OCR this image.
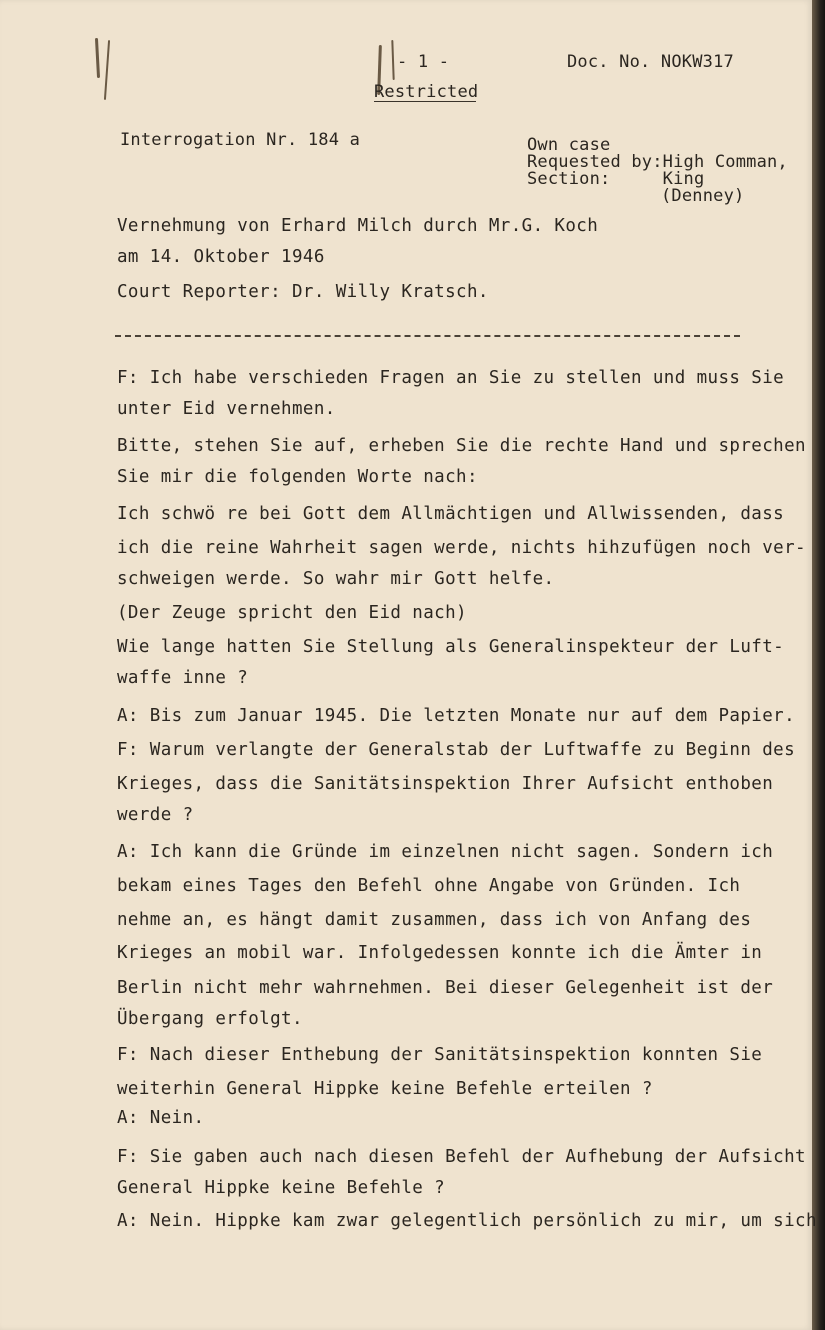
- 1 -	Doc. No. NOKW317
Restricted
Interrogation Nr. 184 a	Own case
Requested by:High Comman,
Section:     King
(Denney)
Vernehmung von Erhard Milch durch Mr.G. Koch
am 14. Oktober 1946
Court Reporter: Dr. Willy Kratsch.
F: Ich habe verschieden Fragen an Sie zu stellen und muss Sie
unter Eid vernehmen.
Bitte, stehen Sie auf, erheben Sie die rechte Hand und sprechen
Sie mir die folgenden Worte nach:
Ich schwö re bei Gott dem Allmächtigen und Allwissenden, dass
ich die reine Wahrheit sagen werde, nichts hihzufügen noch ver-
schweigen werde. So wahr mir Gott helfe.
(Der Zeuge spricht den Eid nach)
Wie lange hatten Sie Stellung als Generalinspekteur der Luft-
waffe inne ?
A: Bis zum Januar 1945. Die letzten Monate nur auf dem Papier.
F: Warum verlangte der Generalstab der Luftwaffe zu Beginn des
Krieges, dass die Sanitätsinspektion Ihrer Aufsicht enthoben
werde ?
A: Ich kann die Gründe im einzelnen nicht sagen. Sondern ich
bekam eines Tages den Befehl ohne Angabe von Gründen. Ich
nehme an, es hängt damit zusammen, dass ich von Anfang des
Krieges an mobil war. Infolgedessen konnte ich die Ämter in
Berlin nicht mehr wahrnehmen. Bei dieser Gelegenheit ist der
Übergang erfolgt.
F: Nach dieser Enthebung der Sanitätsinspektion konnten Sie
weiterhin General Hippke keine Befehle erteilen ?
A: Nein.
F: Sie gaben auch nach diesen Befehl der Aufhebung der Aufsicht
General Hippke keine Befehle ?
A: Nein. Hippke kam zwar gelegentlich persönlich zu mir, um sich
